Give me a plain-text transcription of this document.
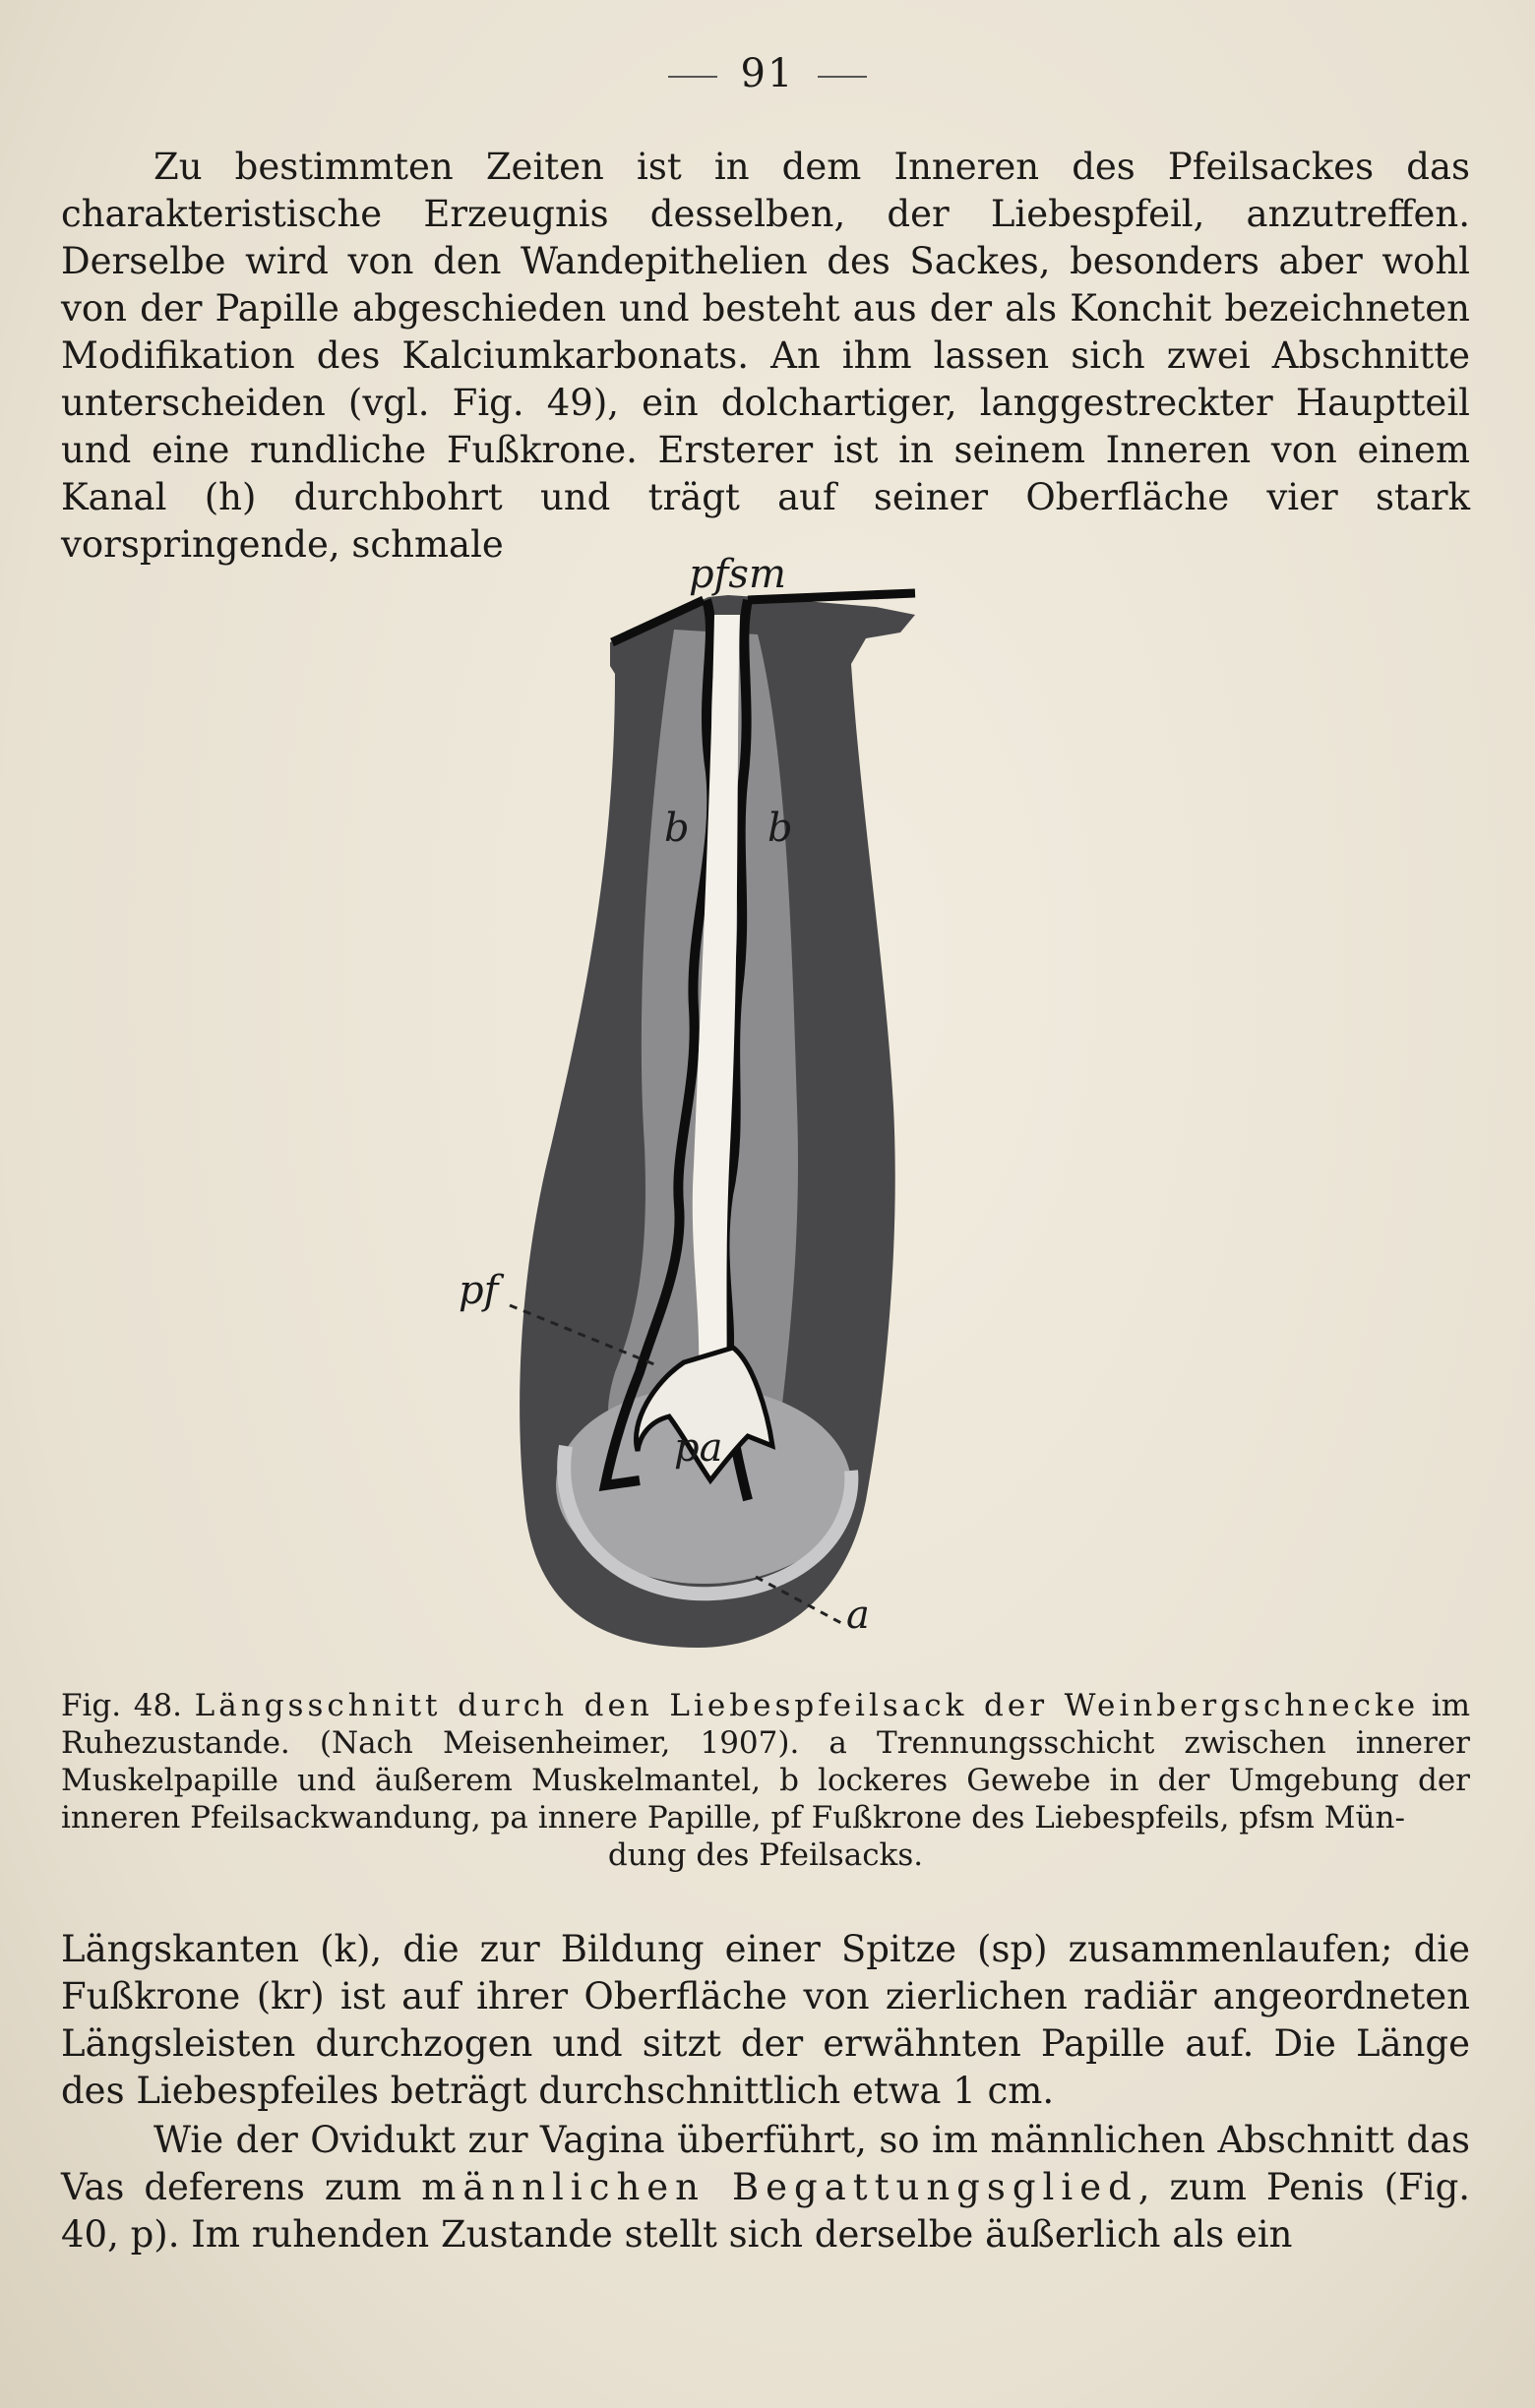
91

Zu bestimmten Zeiten ist in dem Inneren des Pfeilsackes das charakteristische Erzeugnis desselben, der Liebespfeil, anzutreffen. Derselbe wird von den Wandepithelien des Sackes, besonders aber wohl von der Papille abgeschieden und besteht aus der als Konchit bezeichneten Modifikation des Kalciumkarbonats. An ihm lassen sich zwei Abschnitte unterscheiden (vgl. Fig. 49), ein dolchartiger, langgestreckter Hauptteil und eine rundliche Fußkrone. Ersterer ist in seinem Inneren von einem Kanal (h) durchbohrt und trägt auf seiner Oberfläche vier stark vorspringende, schmale

pfsm
b b
pf
pa
a
Fig. 48. Längsschnitt durch den Liebespfeilsack der Weinbergschnecke im Ruhezustande. (Nach Meisenheimer, 1907). a Trennungsschicht zwischen innerer Muskelpapille und äußerem Muskelmantel, b lockeres Gewebe in der Umgebung der inneren Pfeilsackwandung, pa innere Papille, pf Fußkrone des Liebespfeils, pfsm Mün-
dung des Pfeilsacks.

Längskanten (k), die zur Bildung einer Spitze (sp) zusammenlaufen; die Fußkrone (kr) ist auf ihrer Oberfläche von zierlichen radiär angeordneten Längsleisten durchzogen und sitzt der erwähnten Papille auf. Die Länge des Liebespfeiles beträgt durchschnittlich etwa 1 cm.

Wie der Ovidukt zur Vagina überführt, so im männlichen Abschnitt das Vas deferens zum männlichen Begattungsglied, zum Penis (Fig. 40, p). Im ruhenden Zustande stellt sich derselbe äußerlich als ein
